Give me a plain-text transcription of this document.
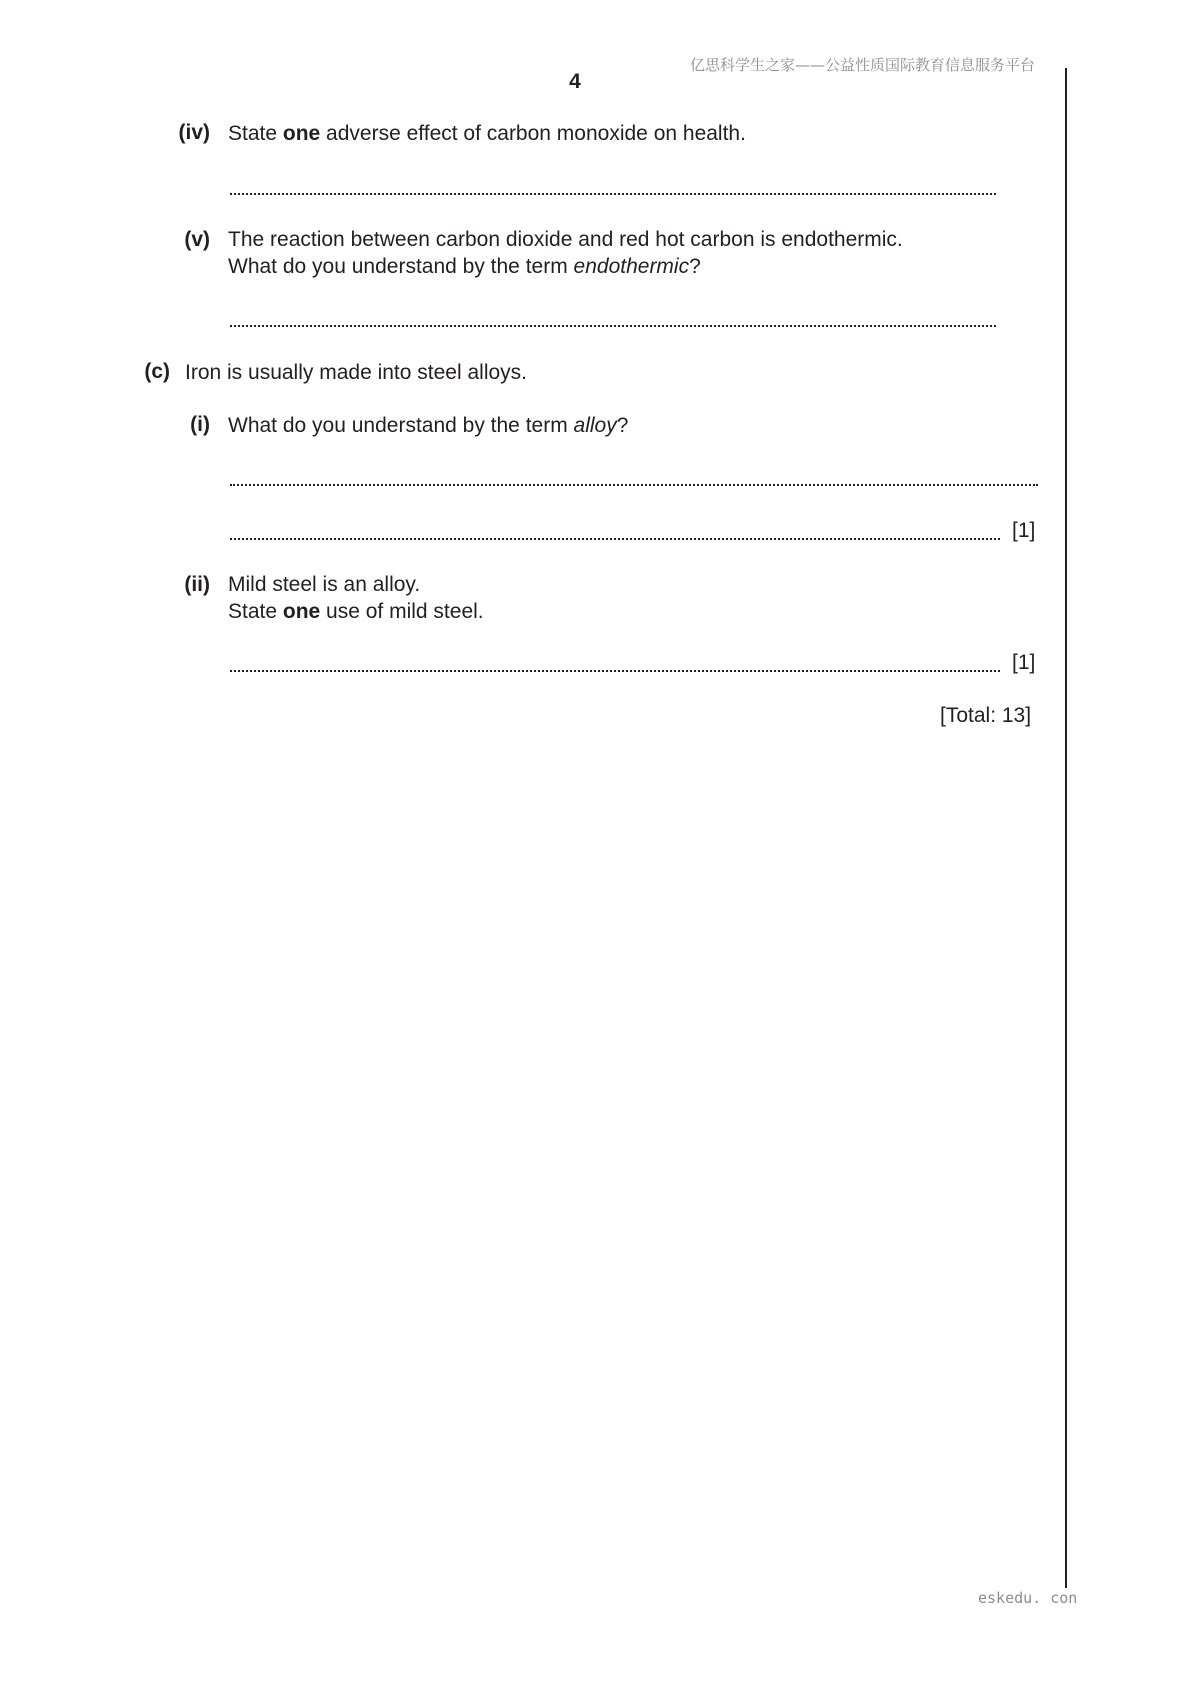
亿思科学生之家——公益性质国际教育信息服务平台
4
(iv) State one adverse effect of carbon monoxide on health.
(v) The reaction between carbon dioxide and red hot carbon is endothermic.
What do you understand by the term endothermic?
(c) Iron is usually made into steel alloys.
(i) What do you understand by the term alloy?
[1]
(ii) Mild steel is an alloy.
State one use of mild steel.
[1]
[Total: 13]
eskedu. con
